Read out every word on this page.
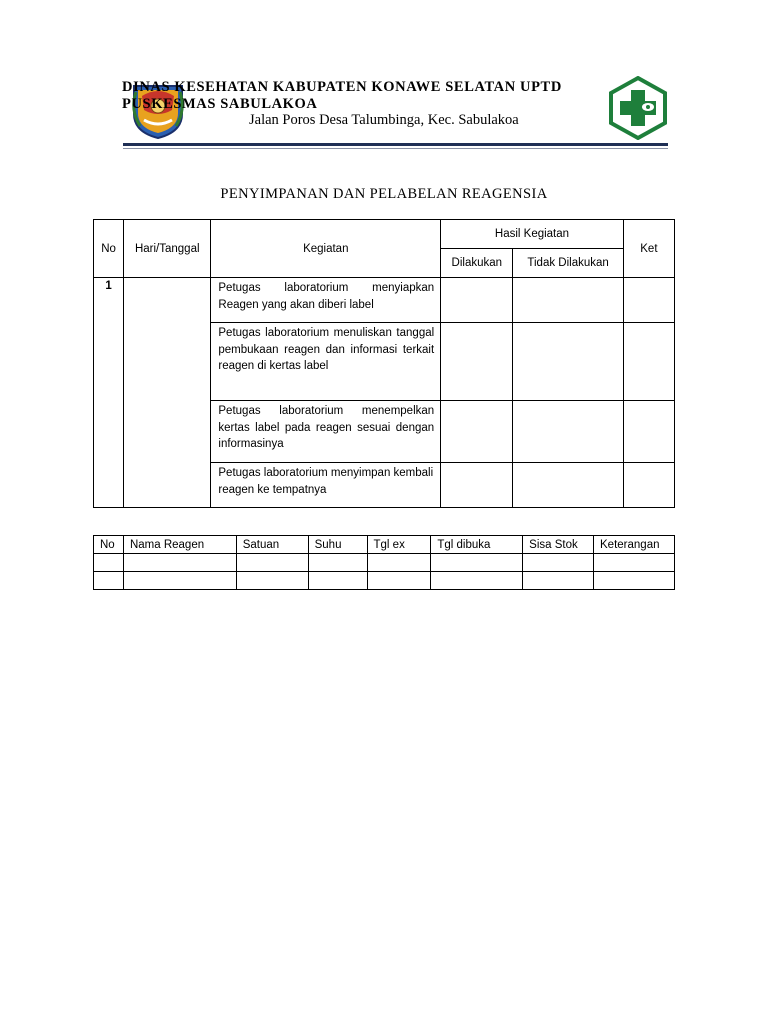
DINAS KESEHATAN KABUPATEN KONAWE SELATAN UPTD
PUSKESMAS SABULAKOA
Jalan Poros Desa Talumbinga, Kec. Sabulakoa
PENYIMPANAN DAN PELABELAN REAGENSIA
No	Hari/Tanggal	Kegiatan	Hasil Kegiatan		Ket
			Dilakukan	Tidak Dilakukan	
1		Petugas laboratorium menyiapkan Reagen yang akan diberi label			
		Petugas laboratorium menuliskan tanggal pembukaan reagen dan informasi terkait reagen di kertas label			
		Petugas laboratorium menempelkan kertas label pada reagen sesuai dengan informasinya			
		Petugas laboratorium menyimpan kembali reagen ke tempatnya			
No	Nama Reagen	Satuan	Suhu	Tgl ex	Tgl dibuka	Sisa Stok	Keterangan
